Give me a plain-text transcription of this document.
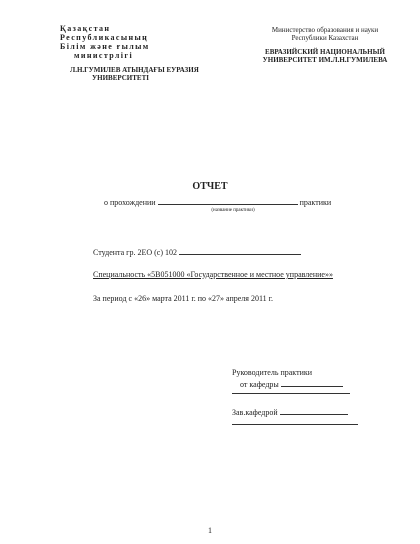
Қазақстан
Республикасының
Білім және ғылым
министрлігі
Л.Н.ГУМИЛЕВ АТЫНДАҒЫ ЕУРАЗИЯ
УНИВЕРСИТЕТІ
Министерство образования и науки
Республики Казахстан
ЕВРАЗИЙСКИЙ НАЦИОНАЛЬНЫЙ
УНИВЕРСИТЕТ ИМ.Л.Н.ГУМИЛЕВА
ОТЧЕТ
о прохождении	практики
(название практики)
Студента гр. 2ЕО (с) 102
Специальность «5В051000 «Государственное и местное управление»»
За период с «26» марта 2011 г. по «27» апреля 2011 г.
Руководитель практики
от кафедры
Зав.кафедрой
1
